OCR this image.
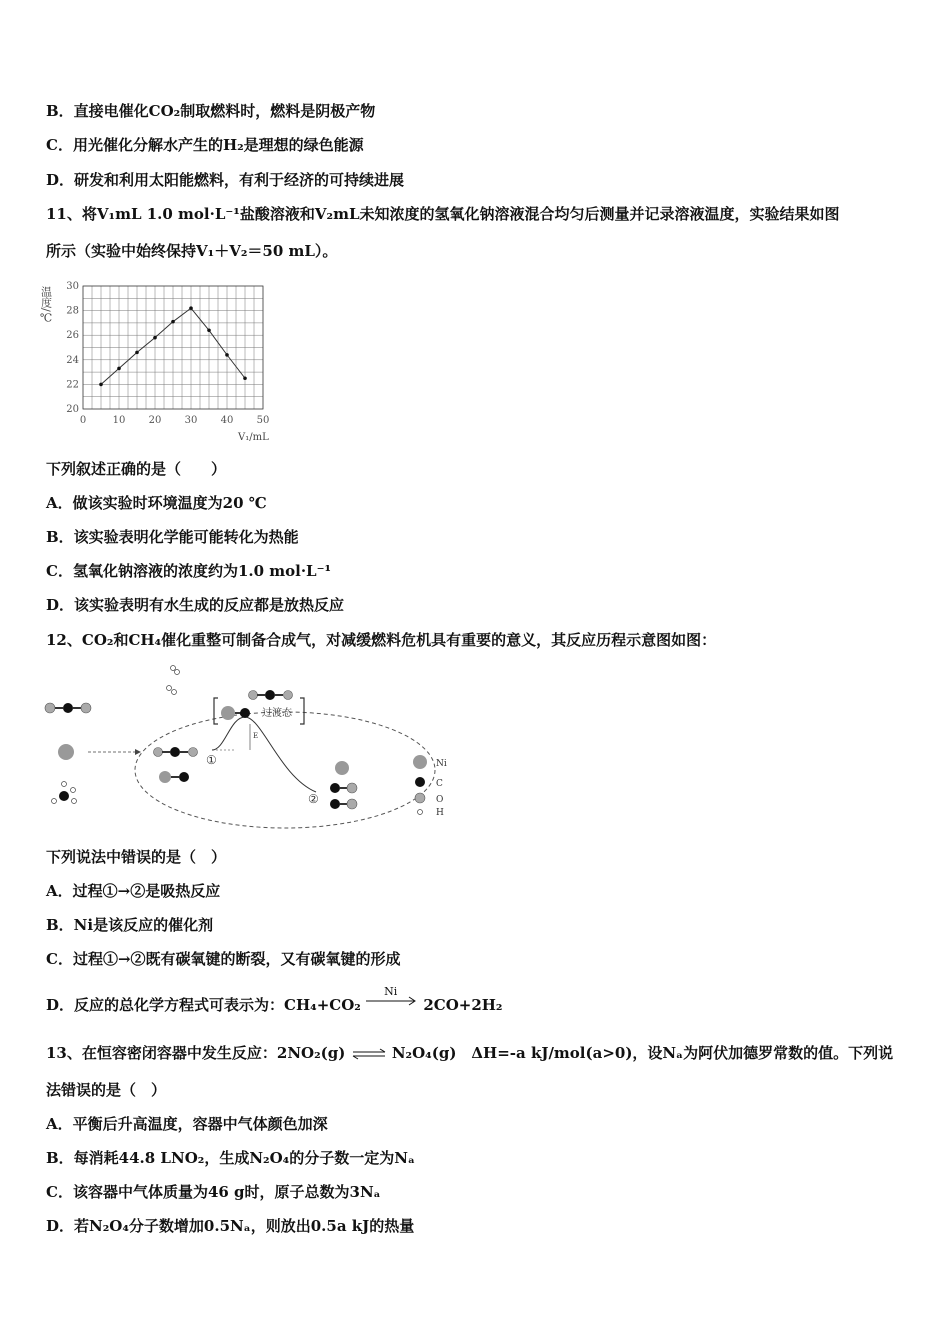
B．直接电催化CO₂制取燃料时，燃料是阴极产物
C．用光催化分解水产生的H₂是理想的绿色能源
D．研发和利用太阳能燃料，有利于经济的可持续进展
11、将V₁mL 1.0 mol·L⁻¹盐酸溶液和V₂mL未知浓度的氢氧化钠溶液混合均匀后测量并记录溶液温度，实验结果如图
所示（实验中始终保持V₁＋V₂＝50 mL）。
20
22
24
26
28
30
0	10 20 30 40 50
温度/℃
V₁/mL
下列叙述正确的是（　　）
A．做该实验时环境温度为20 ℃
B．该实验表明化学能可能转化为热能
C．氢氧化钠溶液的浓度约为1.0 mol·L⁻¹
D．该实验表明有水生成的反应都是放热反应
12、CO₂和CH₄催化重整可制备合成气，对减缓燃料危机具有重要的意义，其反应历程示意图如图：
E
①
②
过渡态
Ni
C
O
H
下列说法中错误的是（　）
A．过程①→②是吸热反应
B．Ni是该反应的催化剂
C．过程①→②既有碳氧键的断裂，又有碳氧键的形成
D．反应的总化学方程式可表示为：CH₄+CO₂
Ni
2CO+2H₂
13、在恒容密闭容器中发生反应：2NO₂(g) ⇌ N₂O₄(g)　ΔH=-a kJ/mol(a>0)，设Nₐ为阿伏加德罗常数的值。下列说
法错误的是（　）
A．平衡后升高温度，容器中气体颜色加深
B．每消耗44.8 LNO₂，生成N₂O₄的分子数一定为Nₐ
C．该容器中气体质量为46 g时，原子总数为3Nₐ
D．若N₂O₄分子数增加0.5Nₐ，则放出0.5a kJ的热量
